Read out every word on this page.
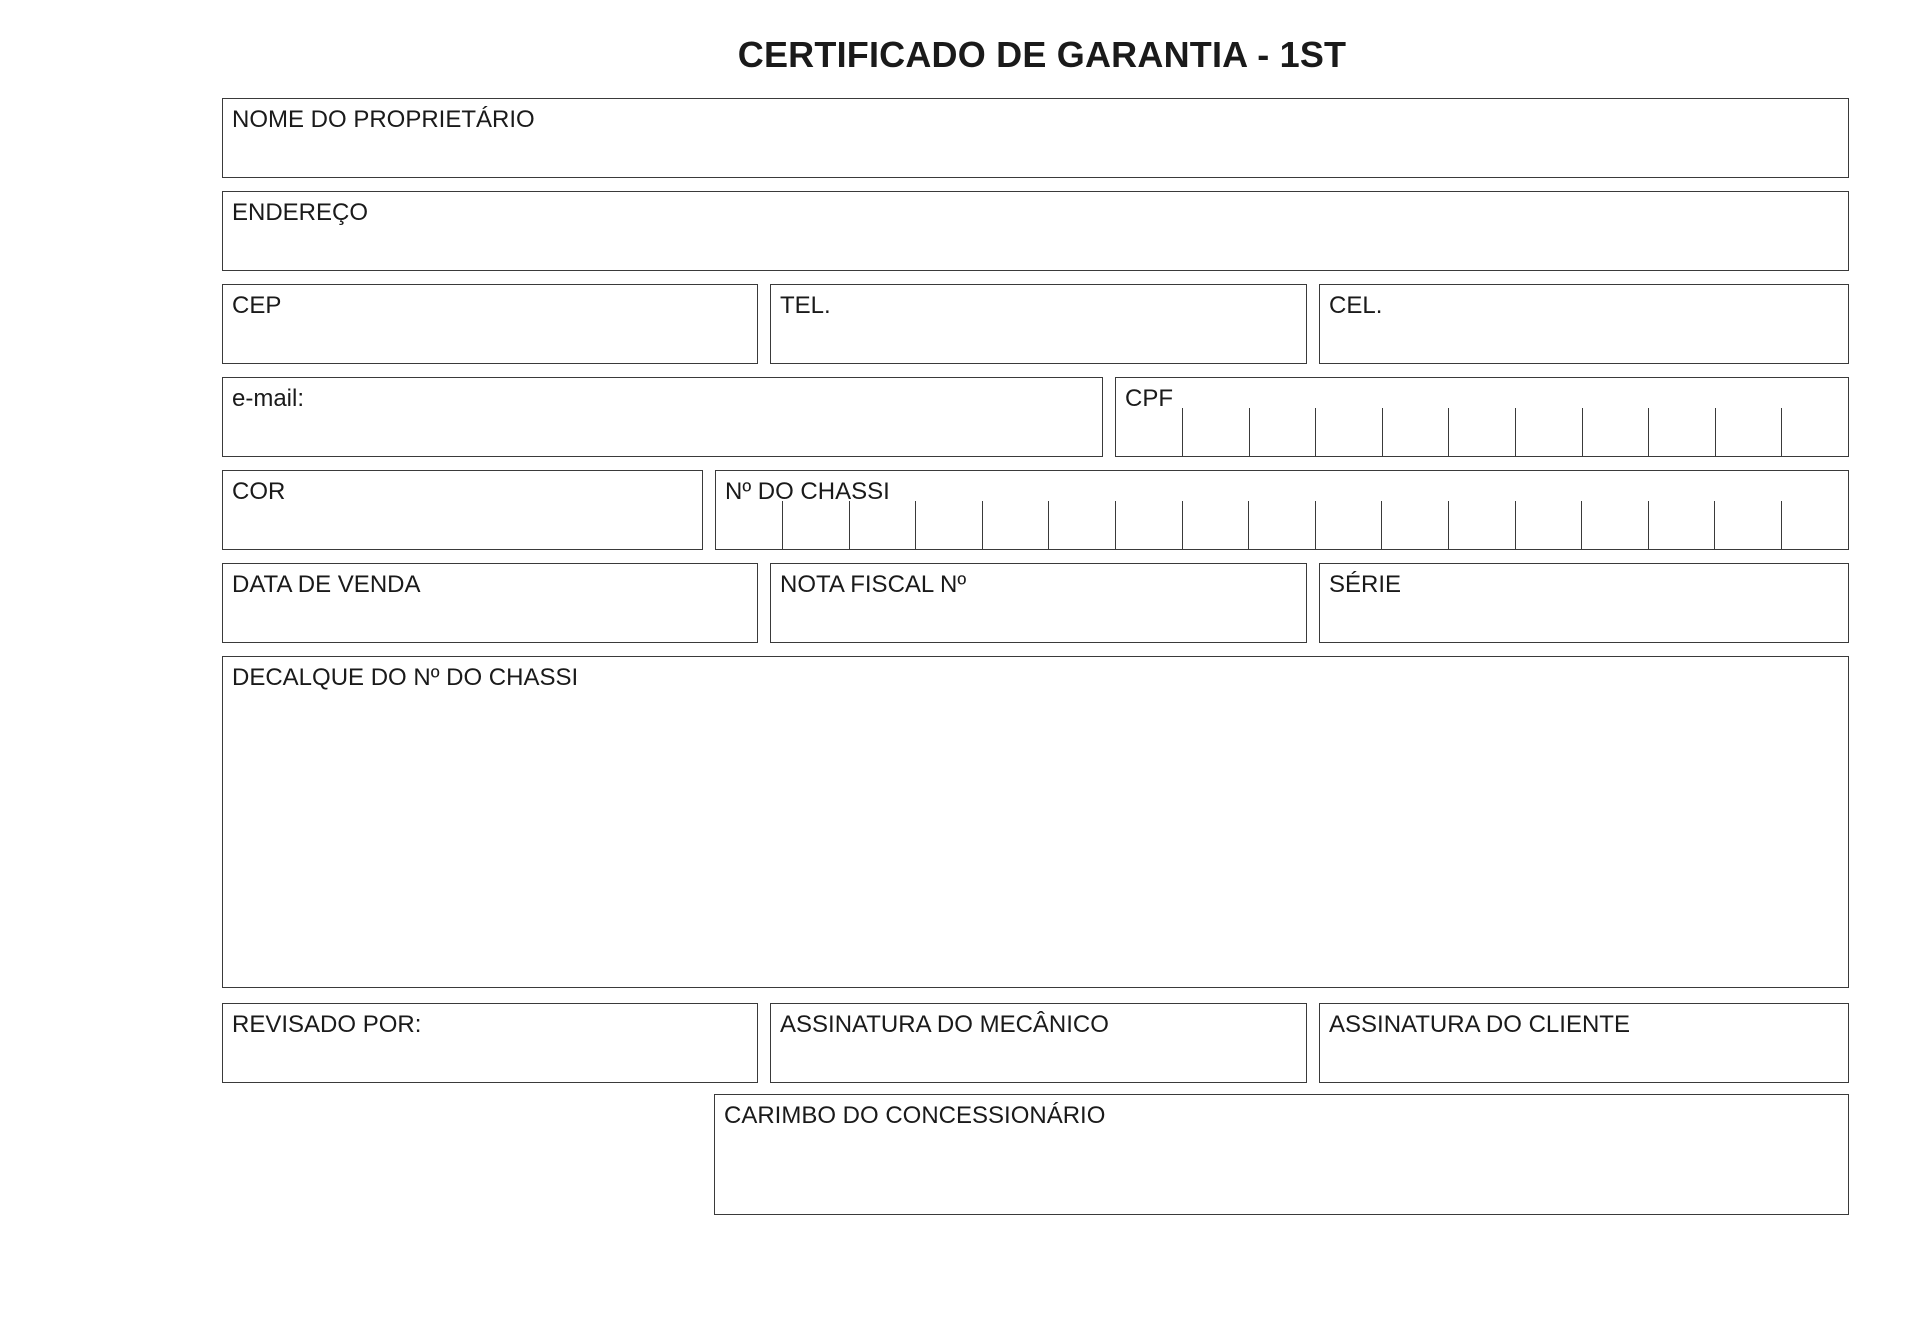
CERTIFICADO DE GARANTIA - 1ST
NOME DO PROPRIETÁRIO
ENDEREÇO
CEP	TEL.	CEL.
e-mail:	CPF
COR	Nº DO CHASSI
DATA DE VENDA	NOTA FISCAL Nº	SÉRIE
DECALQUE DO Nº DO CHASSI
REVISADO POR:	ASSINATURA DO MECÂNICO	ASSINATURA DO CLIENTE
CARIMBO DO CONCESSIONÁRIO
